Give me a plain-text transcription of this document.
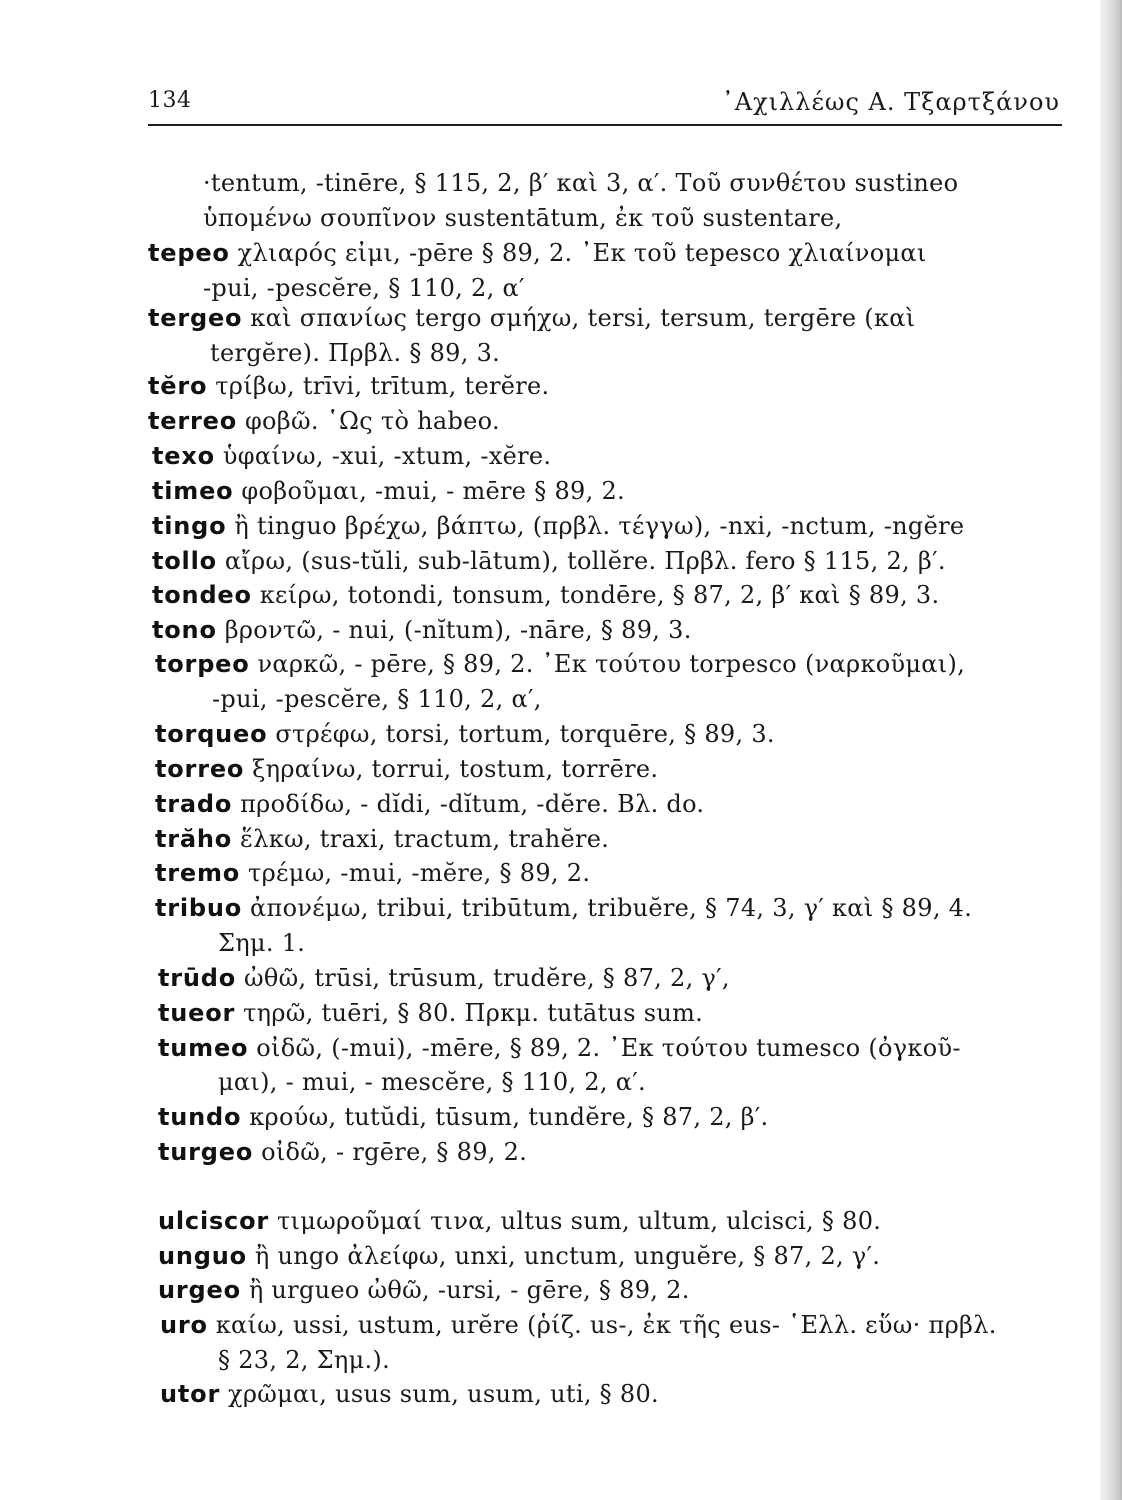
134	᾿Αχιλλέως Α. Τξαρτξάνου
·tentum, -tinēre, § 115, 2, β′ καὶ 3, α′. Τοῦ συνθέτου sustineo
ὑπομένω σουπῖνον sustentātum, ἐκ τοῦ sustentare,
tepeo χλιαρός εἰμι, -pēre § 89, 2. ᾿Εκ τοῦ tepesco χλιαίνομαι
-pui, -pescĕre, § 110, 2, α′
tergeo καὶ σπανίως tergo σμήχω, tersi, tersum, tergēre (καὶ
tergĕre). Πρβλ. § 89, 3.
tĕro τρίβω, trīvi, trītum, terĕre.
terreo φοβῶ. ῾Ως τὸ habeo.
texo ὑφαίνω, -xui, -xtum, -xĕre.
timeo φοβοῦμαι, -mui, - mēre § 89, 2.
tingo ἢ tinguo βρέχω, βάπτω, (πρβλ. τέγγω), -nxi, -nctum, -ngĕre
tollo αἴρω, (sus-tŭli, sub-lātum), tollĕre. Πρβλ. fero § 115, 2, β′.
tondeo κείρω, totondi, tonsum, tondēre, § 87, 2, β′ καὶ § 89, 3.
tono βροντῶ, - nui, (-nĭtum), -nāre, § 89, 3.
torpeo ναρκῶ, - pēre, § 89, 2. ᾿Εκ τούτου torpesco (ναρκοῦμαι),
-pui, -pescĕre, § 110, 2, α′,
torqueo στρέφω, torsi, tortum, torquēre, § 89, 3.
torreo ξηραίνω, torrui, tostum, torrēre.
trado προδίδω, - dĭdi, -dĭtum, -dĕre. Βλ. do.
trăho ἕλκω, traxi, tractum, trahĕre.
tremo τρέμω, -mui, -mĕre, § 89, 2.
tribuo ἀπονέμω, tribui, tribūtum, tribuĕre, § 74, 3, γ′ καὶ § 89, 4.
Σημ. 1.
trūdo ὠθῶ, trūsi, trūsum, trudĕre, § 87, 2, γ′,
tueor τηρῶ, tuēri, § 80. Πρκμ. tutātus sum.
tumeo οἰδῶ, (-mui), -mēre, § 89, 2. ᾿Εκ τούτου tumesco (ὀγκοῦ-
μαι), - mui, - mescĕre, § 110, 2, α′.
tundo κρούω, tutŭdi, tūsum, tundĕre, § 87, 2, β′.
turgeo οἰδῶ, - rgēre, § 89, 2.
ulciscor τιμωροῦμαί τινα, ultus sum, ultum, ulcisci, § 80.
unguo ἢ ungo ἀλείφω, unxi, unctum, unguĕre, § 87, 2, γ′.
urgeo ἢ urgueo ὠθῶ, -ursi, - gēre, § 89, 2.
uro καίω, ussi, ustum, urĕre (ῥίζ. us-, ἐκ τῆς eus- ῾Ελλ. εὕω· πρβλ.
§ 23, 2, Σημ.).
utor χρῶμαι, usus sum, usum, uti, § 80.
